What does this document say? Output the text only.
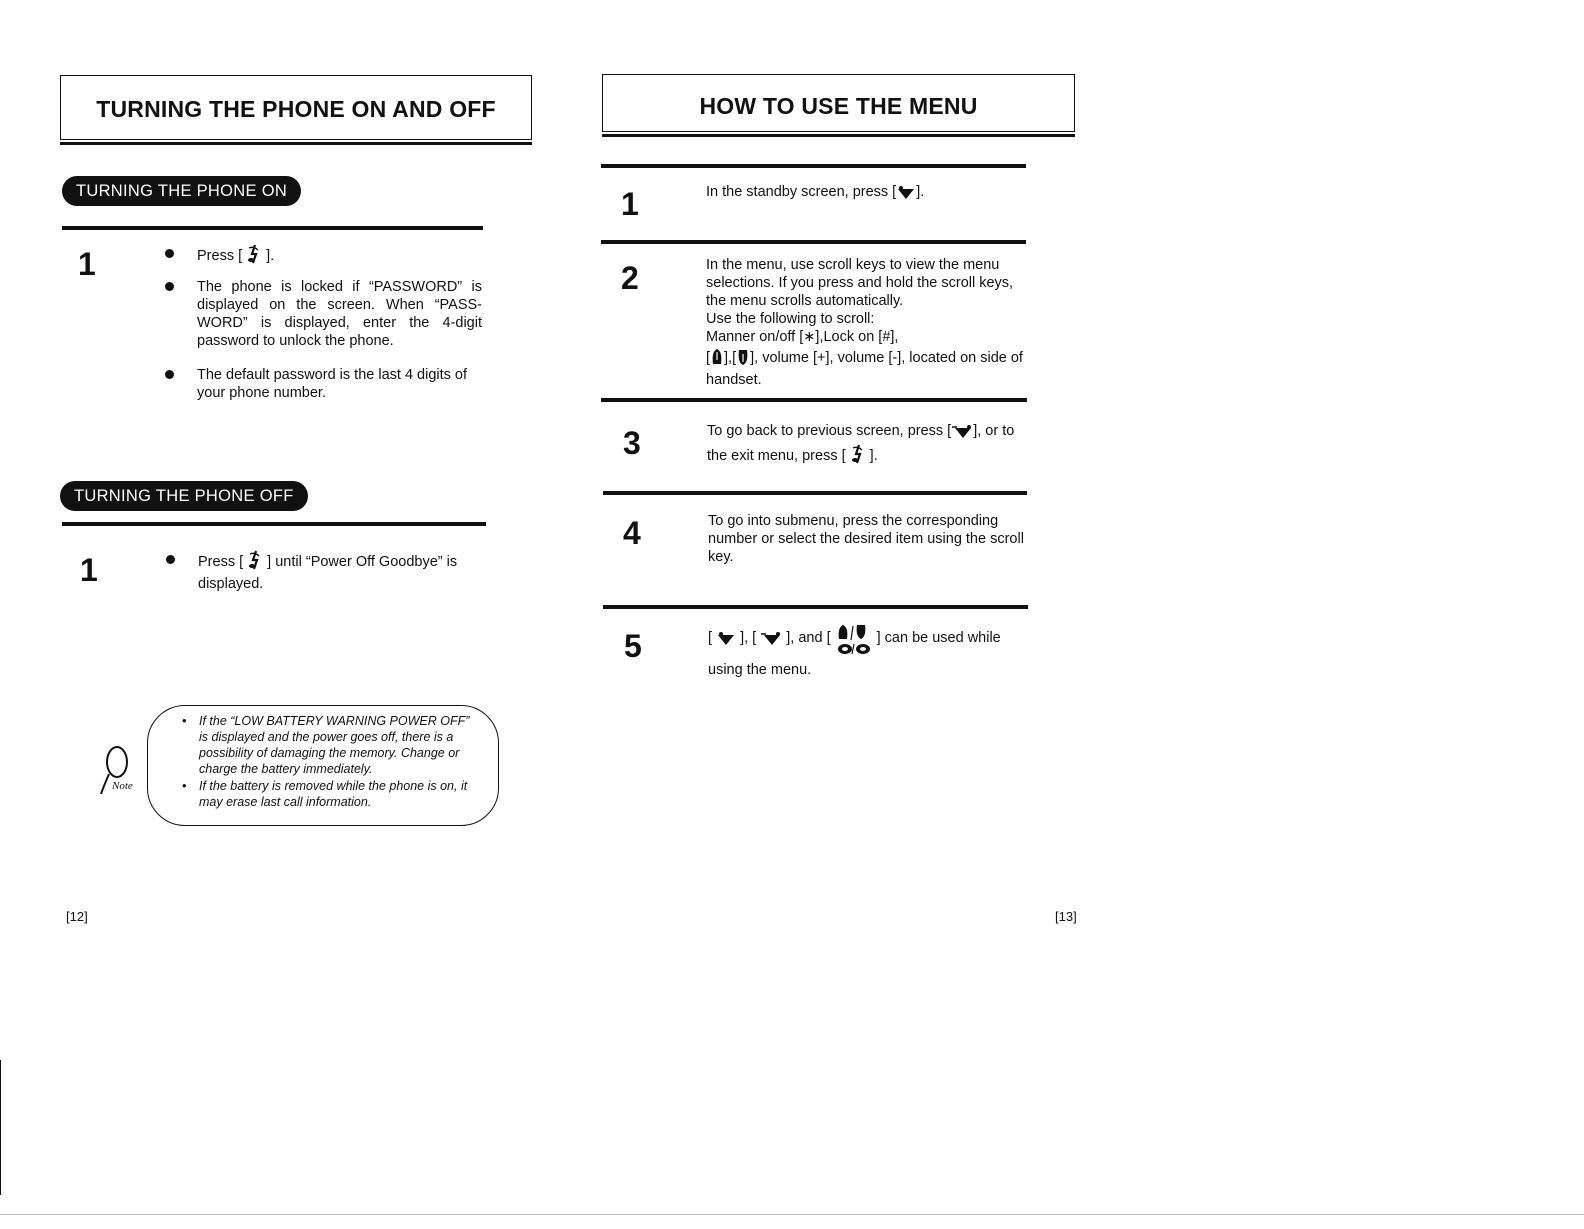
TURNING THE PHONE ON AND OFF
TURNING THE PHONE ON
1	Press [  ].
The phone is locked if “PASSWORD” is displayed on the screen. When “PASS-WORD” is displayed, enter the 4-digit password to unlock the phone.
The default password is the last 4 digits of your phone number.
TURNING THE PHONE OFF
1	Press [  ] until “Power Off Goodbye” is displayed.
Note
• If the “LOW BATTERY WARNING POWER OFF” is displayed and the power goes off, there is a possibility of damaging the memory. Change or charge the battery immediately.
• If the battery is removed while the phone is on, it may erase last call information.
[12]
HOW TO USE THE MENU
1	In the standby screen, press [ ].
2	In the menu, use scroll keys to view the menu selections. If you press and hold the scroll keys, the menu scrolls automatically.
Use the following to scroll:
Manner on/off [∗],Lock on [#],
[ ],[ ], volume [+], volume [-], located on side of handset.
3	To go back to previous screen, press [ ], or to the exit menu, press [  ].
4	To go into submenu, press the corresponding number or select the desired item using the scroll key.
5	[  ], [  ], and [	] can be used while using the menu.
[13]
